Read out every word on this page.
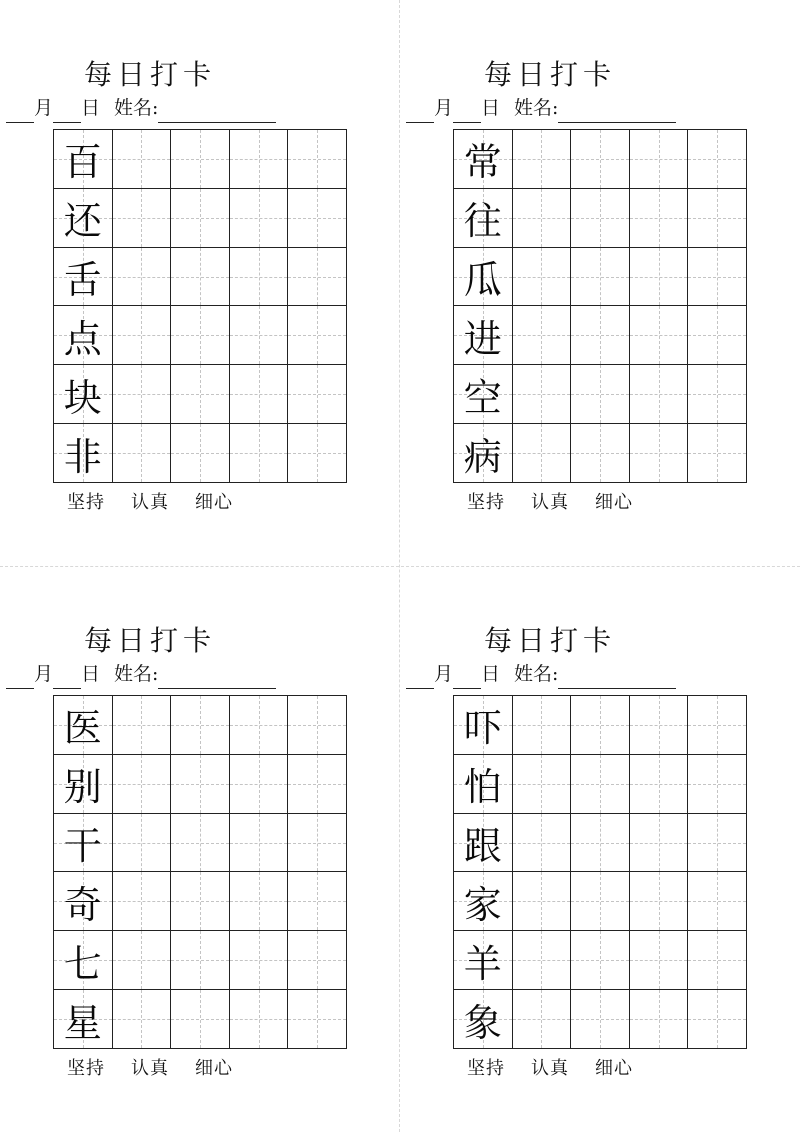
每日打卡
月 日 姓名:
百
还
舌
点
块
非
坚持 认真 细心
每日打卡
月 日 姓名:
常
往
瓜
进
空
病
坚持 认真 细心
每日打卡
月 日 姓名:
医
别
干
奇
七
星
坚持 认真 细心
每日打卡
月 日 姓名:
吓
怕
跟
家
羊
象
坚持 认真 细心
